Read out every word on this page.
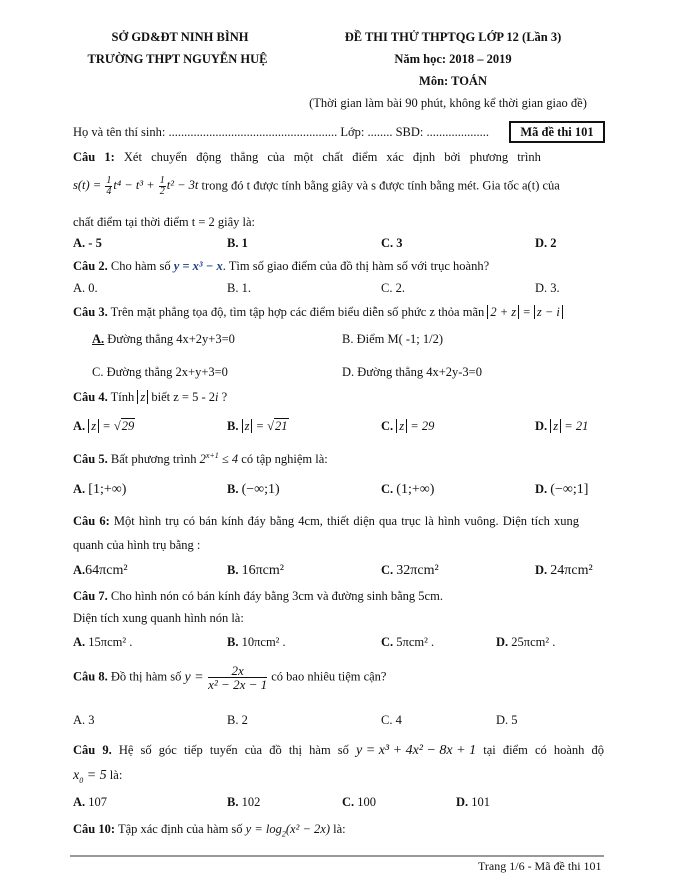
SỞ GD&ĐT NINH BÌNH
TRƯỜNG THPT NGUYỄN HUỆ
ĐỀ THI THỬ THPTQG LỚP 12 (Lần 3)
Năm học: 2018 – 2019
Môn: TOÁN
(Thời gian làm bài 90 phút, không kể thời gian giao đề)
Họ và tên thí sinh: ...................................................... Lớp: ........ SBD: ....................	Mã đề thi 101
Câu 1: Xét chuyển động thẳng của một chất điểm xác định bởi phương trình
$s(t) = \frac{1}{4} t^4 - t^3 + \frac{1}{2} t^2 - 3t$ trong đó t được tính bằng giây và s được tính bằng mét. Gia tốc a(t) của
chất điểm tại thời điểm t = 2 giây là:
A. - 5	B. 1	C. 3	D. 2
Câu 2. Cho hàm số y = x³ − x. Tìm số giao điểm của đồ thị hàm số với trục hoành?
A. 0.	B. 1.	C. 2.	D. 3.
Câu 3. Trên mặt phẳng tọa độ, tìm tập hợp các điểm biểu diễn số phức z thỏa mãn 2 + z = z − i
A. Đường thẳng 4x+2y+3=0	B. Điểm M( -1; 1/2)
C. Đường thẳng 2x+y+3=0	D. Đường thẳng 4x+2y-3=0
Câu 4. Tính z biết z = 5 - 2i ?
A. z = √29	B. z = √21	C. z = 29	D. z = 21
Câu 5. Bất phương trình $2^{x+1} \le 4$ có tập nghiệm là:
A. [1;+∞)	B. (−∞;1)	C. (1;+∞)	D. (−∞;1]
Câu 6: Một hình trụ có bán kính đáy bằng 4cm, thiết diện qua trục là hình vuông. Diện tích xung
quanh của hình trụ bằng :
A.64πcm²	B. 16πcm²	C. 32πcm²	D. 24πcm²
Câu 7. Cho hình nón có bán kính đáy bằng 3cm và đường sinh bằng 5cm.
Diện tích xung quanh hình nón là:
A. 15πcm² .	B. 10πcm² .	C. 5πcm² .	D. 25πcm² .
Câu 8. Đồ thị hàm số $y = \frac{2x}{\text{x² − 2x − 1}}$ có bao nhiêu tiệm cận?
A. 3	B. 2	C. 4	D. 5
Câu 9. Hệ số góc tiếp tuyến của đồ thị hàm số y = x³ + 4x² − 8x + 1 tại điểm có hoành độ
$x_0 = 5$ là:
A. 107	B. 102	C. 100	D. 101
Câu 10: Tập xác định của hàm số $y = \log_2(x^2 - 2x)$ là:
Trang 1/6 - Mã đề thi 101
